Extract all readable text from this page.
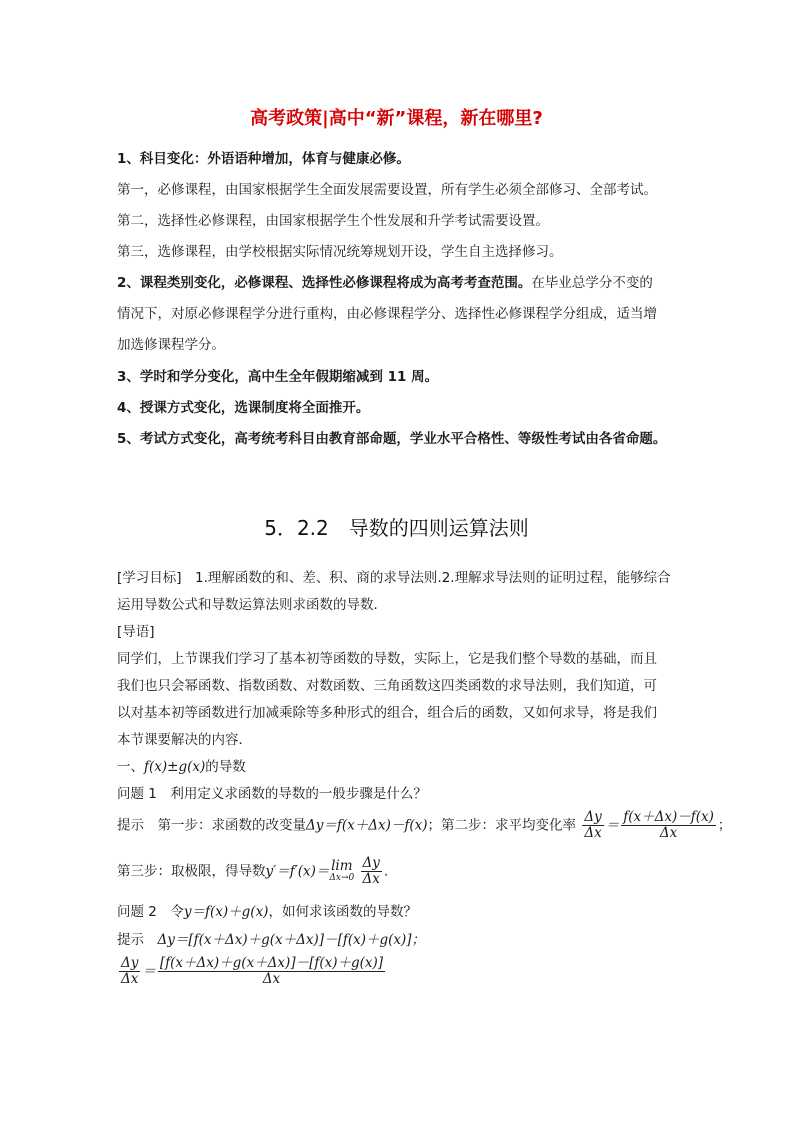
高考政策|高中“新”课程，新在哪里?
1、科目变化：外语语种增加，体育与健康必修。
第一，必修课程，由国家根据学生全面发展需要设置，所有学生必须全部修习、全部考试。
第二，选择性必修课程，由国家根据学生个性发展和升学考试需要设置。
第三，选修课程，由学校根据实际情况统筹规划开设，学生自主选择修习。
2、课程类别变化，必修课程、选择性必修课程将成为高考考查范围。在毕业总学分不变的
情况下，对原必修课程学分进行重构，由必修课程学分、选择性必修课程学分组成，适当增
加选修课程学分。
3、学时和学分变化，高中生全年假期缩减到 11 周。
4、授课方式变化，选课制度将全面推开。
5、考试方式变化，高考统考科目由教育部命题，学业水平合格性、等级性考试由各省命题。
5．2.2　导数的四则运算法则
[学习目标]　1.理解函数的和、差、积、商的求导法则.2.理解求导法则的证明过程，能够综合
运用导数公式和导数运算法则求函数的导数．
[导语]
同学们，上节课我们学习了基本初等函数的导数，实际上，它是我们整个导数的基础，而且
我们也只会幂函数、指数函数、对数函数、三角函数这四类函数的求导法则，我们知道，可
以对基本初等函数进行加减乘除等多种形式的组合，组合后的函数，又如何求导，将是我们
本节课要解决的内容．
一、f(x)±g(x)的导数
问题 1　利用定义求函数的导数的一般步骤是什么？
提示　第一步：求函数的改变量Δy＝f(x＋Δx)－f(x)；第二步：求平均变化率 $\frac{\Delta y}{\Delta x} = \frac{f(x+\Delta x)-f(x)}{\Delta x}$ ；
第三步：取极限，得导数y′＝f′(x)＝ lim
Δx→0
$\frac{\Delta y}{\Delta x}$ .
问题 2　令y＝f(x)＋g(x)，如何求该函数的导数？
提示　Δy＝[f(x＋Δx)＋g(x＋Δx)]－[f(x)＋g(x)]；
$\frac{\Delta y}{\Delta x} = \frac{[f(x+\Delta x)+g(x+\Delta x)]-[f(x)+g(x)]}{\Delta x}$
